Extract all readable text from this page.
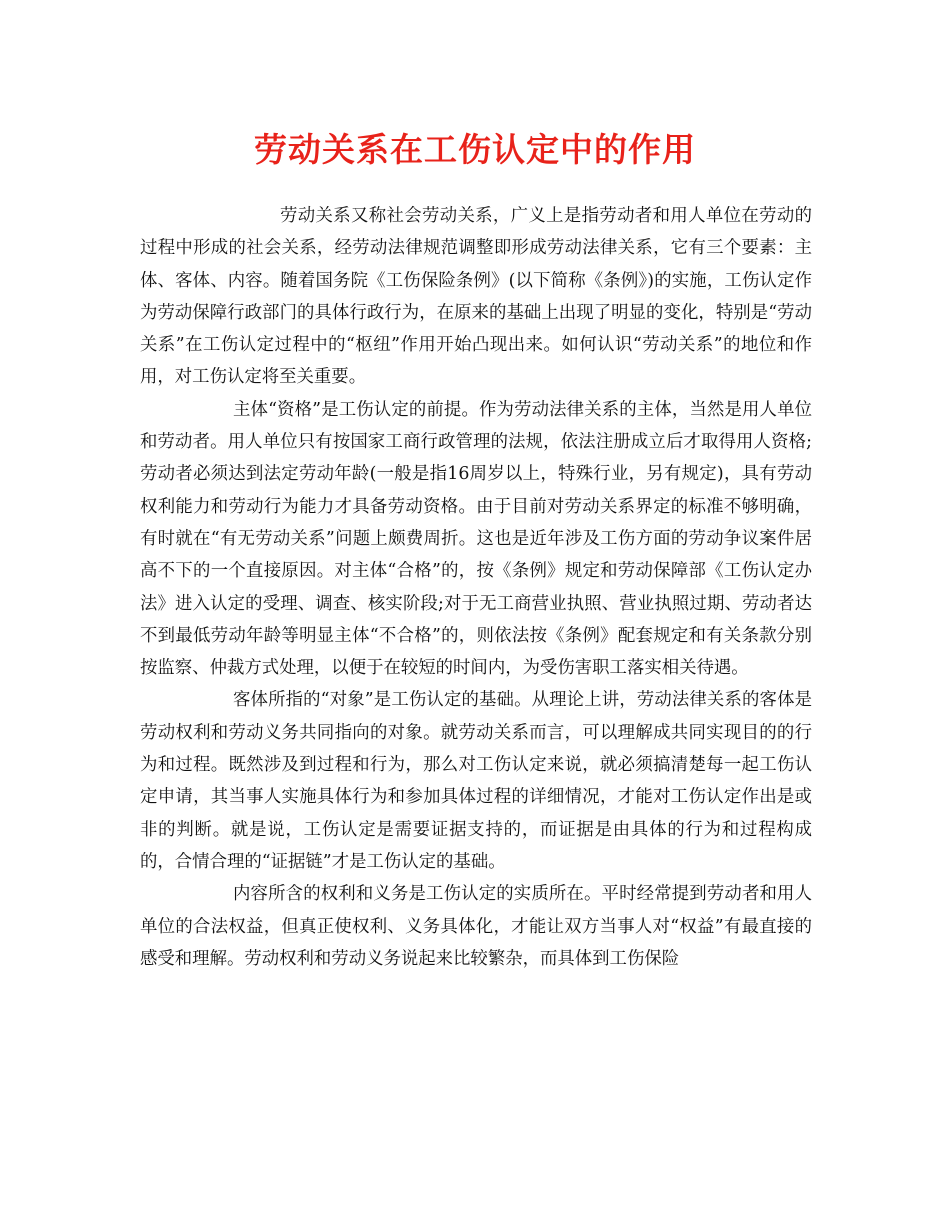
劳动关系在工伤认定中的作用

劳动关系又称社会劳动关系，广义上是指劳动者和用人单位在劳动的过程中形成的社会关系，经劳动法律规范调整即形成劳动法律关系，它有三个要素：主体、客体、内容。随着国务院《工伤保险条例》(以下简称《条例》)的实施，工伤认定作为劳动保障行政部门的具体行政行为，在原来的基础上出现了明显的变化，特别是“劳动关系”在工伤认定过程中的“枢纽”作用开始凸现出来。如何认识“劳动关系”的地位和作用，对工伤认定将至关重要。

主体“资格”是工伤认定的前提。作为劳动法律关系的主体，当然是用人单位和劳动者。用人单位只有按国家工商行政管理的法规，依法注册成立后才取得用人资格;劳动者必须达到法定劳动年龄(一般是指16周岁以上，特殊行业，另有规定)，具有劳动权利能力和劳动行为能力才具备劳动资格。由于目前对劳动关系界定的标准不够明确，有时就在“有无劳动关系”问题上颇费周折。这也是近年涉及工伤方面的劳动争议案件居高不下的一个直接原因。对主体“合格”的，按《条例》规定和劳动保障部《工伤认定办法》进入认定的受理、调查、核实阶段;对于无工商营业执照、营业执照过期、劳动者达不到最低劳动年龄等明显主体“不合格”的，则依法按《条例》配套规定和有关条款分别按监察、仲裁方式处理，以便于在较短的时间内，为受伤害职工落实相关待遇。

客体所指的“对象”是工伤认定的基础。从理论上讲，劳动法律关系的客体是劳动权利和劳动义务共同指向的对象。就劳动关系而言，可以理解成共同实现目的的行为和过程。既然涉及到过程和行为，那么对工伤认定来说，就必须搞清楚每一起工伤认定申请，其当事人实施具体行为和参加具体过程的详细情况，才能对工伤认定作出是或非的判断。就是说，工伤认定是需要证据支持的，而证据是由具体的行为和过程构成的，合情合理的“证据链”才是工伤认定的基础。

内容所含的权利和义务是工伤认定的实质所在。平时经常提到劳动者和用人单位的合法权益，但真正使权利、义务具体化，才能让双方当事人对“权益”有最直接的感受和理解。劳动权利和劳动义务说起来比较繁杂，而具体到工伤保险
